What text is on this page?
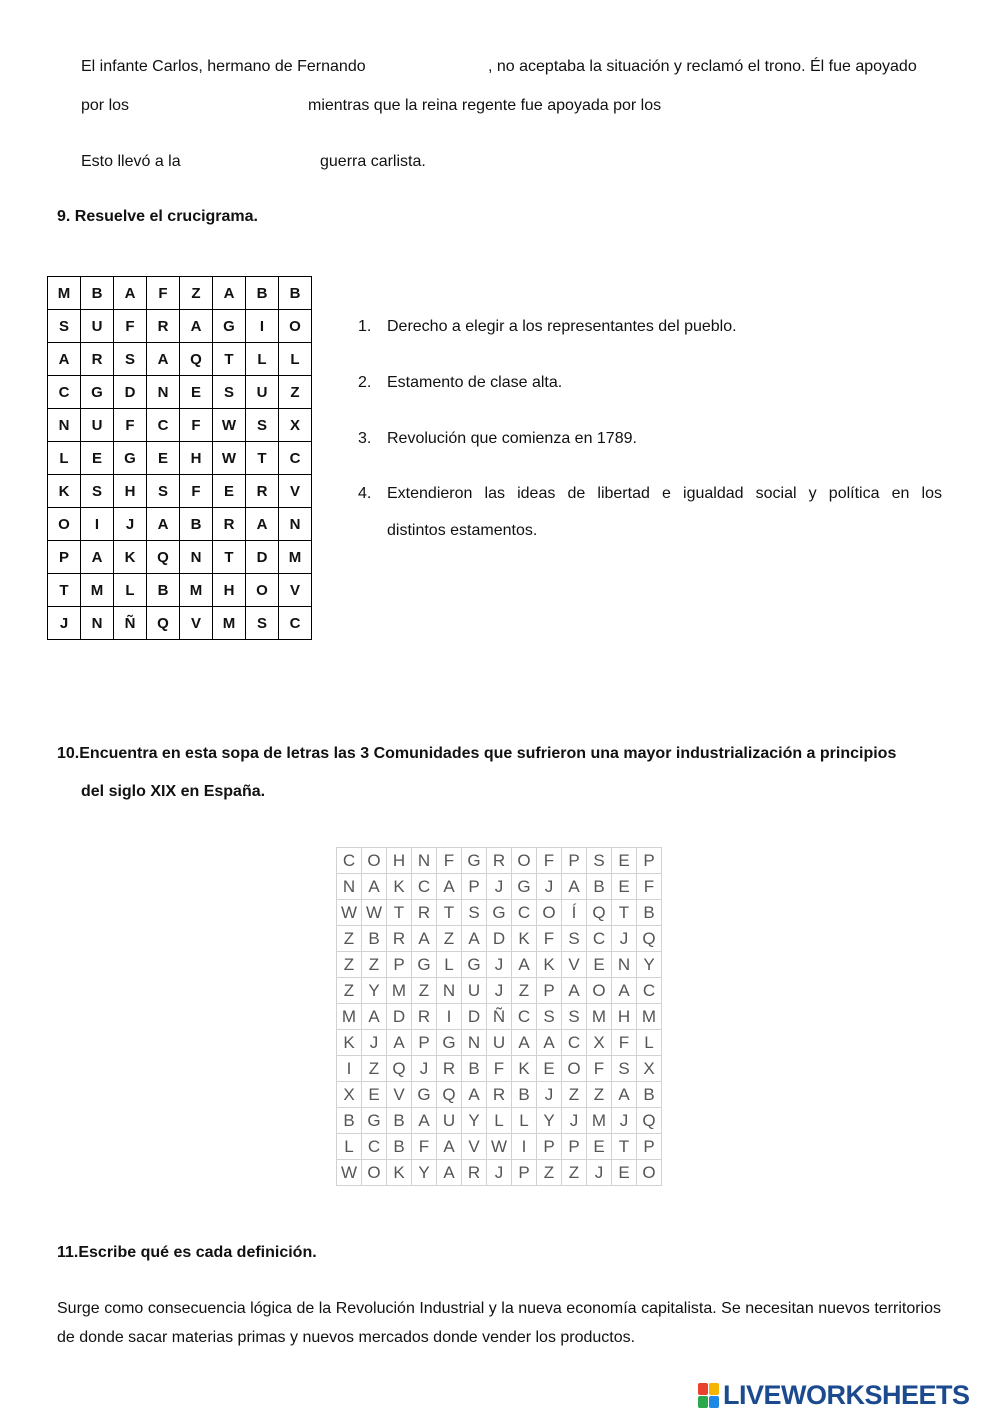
El infante Carlos, hermano de Fernando	, no aceptaba la situación y reclamó el trono. Él fue apoyado
por los	mientras que la reina regente fue apoyada por los
Esto llevó a la	guerra carlista.
9. Resuelve el crucigrama.
M	B	A	F	Z	A	B	B
S	U	F	R	A	G	I	O
A	R	S	A	Q	T	L	L
C	G	D	N	E	S	U	Z
N	U	F	C	F	W	S	X
L	E	G	E	H	W	T	C
K	S	H	S	F	E	R	V
O	I	J	A	B	R	A	N
P	A	K	Q	N	T	D	M
T	M	L	B	M	H	O	V
J	N	Ñ	Q	V	M	S	C
1. Derecho a elegir a los representantes del pueblo.
2. Estamento de clase alta.
3. Revolución que comienza en 1789.
4. Extendieron las ideas de libertad e igualdad social y política en los
distintos estamentos.
10.Encuentra en esta sopa de letras las 3 Comunidades que sufrieron una mayor industrialización a principios
del siglo XIX en España.
C	O	H	N	F	G	R	O	F	P	S	E	P
N	A	K	C	A	P	J	G	J	A	B	E	F
W	W	T	R	T	S	G	C	O	Í	Q	T	B
Z	B	R	A	Z	A	D	K	F	S	C	J	Q
Z	Z	P	G	L	G	J	A	K	V	E	N	Y
Z	Y	M	Z	N	U	J	Z	P	A	O	A	C
M	A	D	R	I	D	Ñ	C	S	S	M	H	M
K	J	A	P	G	N	U	A	A	C	X	F	L
I	Z	Q	J	R	B	F	K	E	O	F	S	X
X	E	V	G	Q	A	R	B	J	Z	Z	A	B
B	G	B	A	U	Y	L	L	Y	J	M	J	Q
L	C	B	F	A	V	W	I	P	P	E	T	P
W	O	K	Y	A	R	J	P	Z	Z	J	E	O
11.Escribe qué es cada definición.
Surge como consecuencia lógica de la Revolución Industrial y la nueva economía capitalista. Se necesitan nuevos territorios de donde sacar materias primas y nuevos mercados donde vender los productos.
LIVEWORKSHEETS
